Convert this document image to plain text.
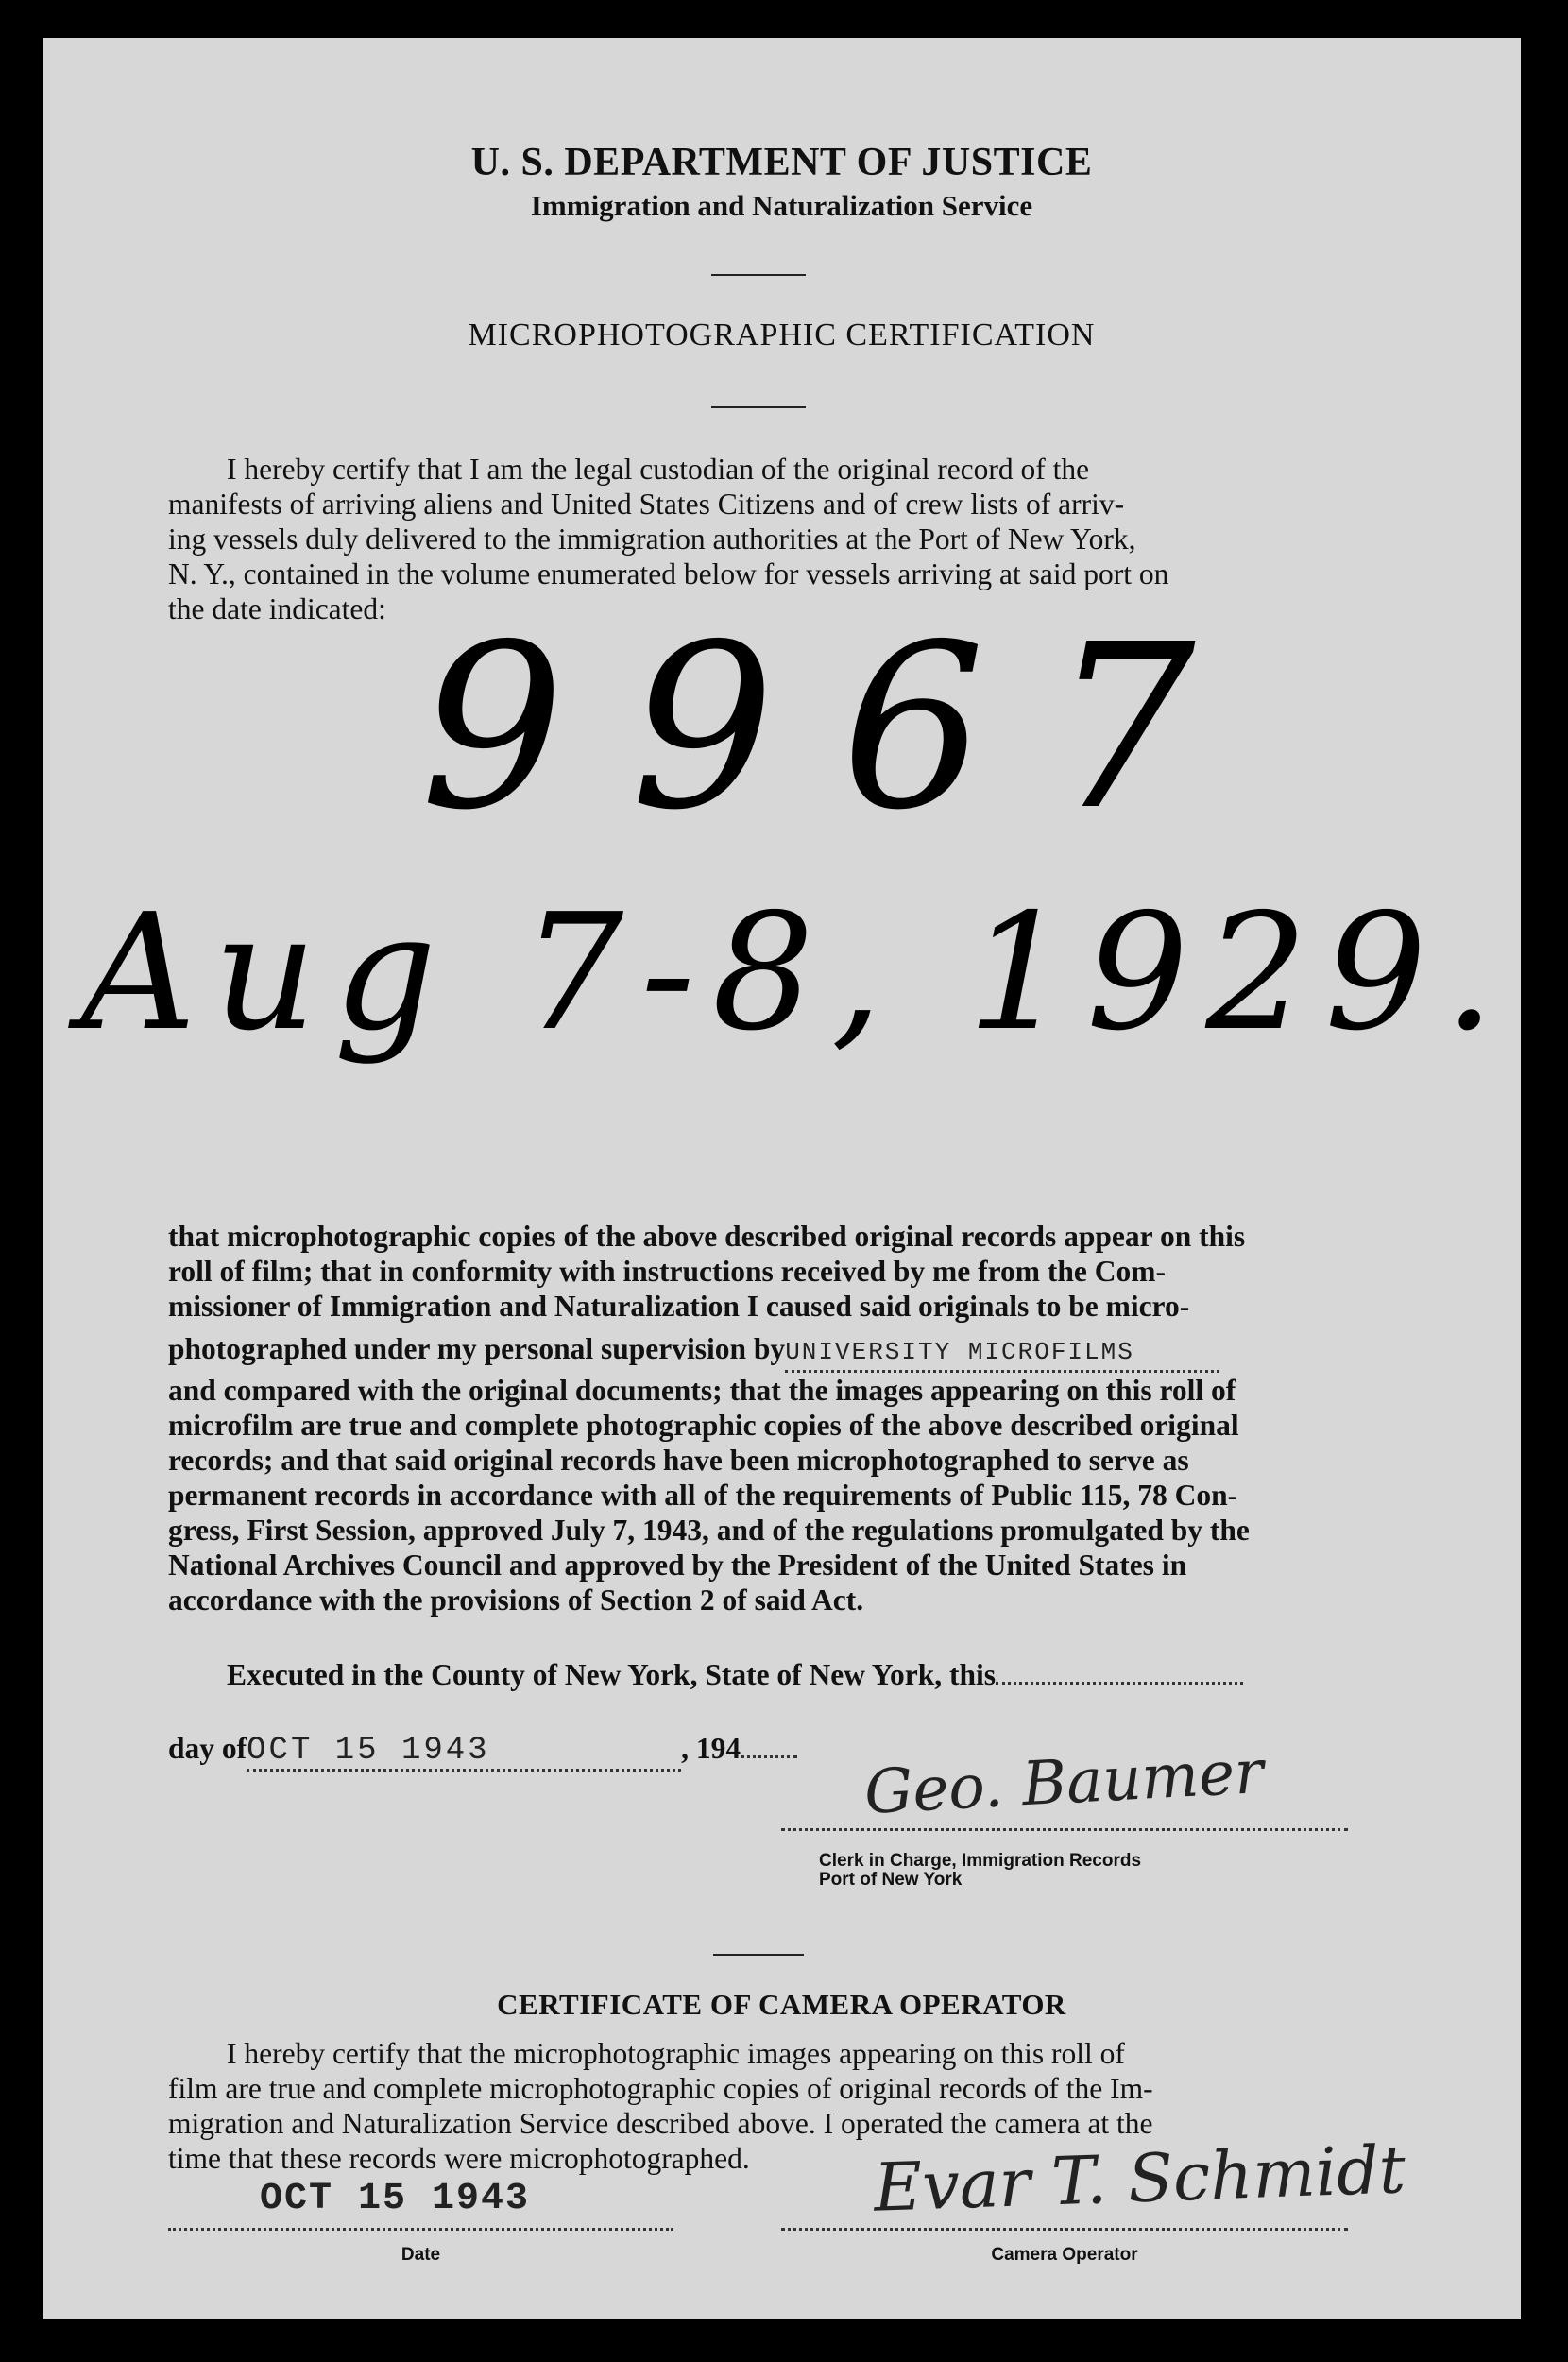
U. S. DEPARTMENT OF JUSTICE
Immigration and Naturalization Service
MICROPHOTOGRAPHIC CERTIFICATION

I hereby certify that I am the legal custodian of the original record of the

manifests of arriving aliens and United States Citizens and of crew lists of arriv-

ing vessels duly delivered to the immigration authorities at the Port of New York,

N. Y., contained in the volume enumerated below for vessels arriving at said port on

the date indicated: 9967
Aug 7-8, 1929.

that microphotographic copies of the above described original records appear on this

roll of film; that in conformity with instructions received by me from the Com-

missioner of Immigration and Naturalization I caused said originals to be micro-

photographed under my personal supervision byUNIVERSITY MICROFILMS

and compared with the original documents; that the images appearing on this roll of

microfilm are true and complete photographic copies of the above described original

records; and that said original records have been microphotographed to serve as

permanent records in accordance with all of the requirements of Public 115, 78 Con-

gress, First Session, approved July 7, 1943, and of the regulations promulgated by the

National Archives Council and approved by the President of the United States in

accordance with the provisions of Section 2 of said Act.

Executed in the County of New York, State of New York, this
day ofOCT 15 1943	, 194	Geo. Baumer
Clerk in Charge, Immigration Records
Port of New York
CERTIFICATE OF CAMERA OPERATOR

I hereby certify that the microphotographic images appearing on this roll of

film are true and complete microphotographic copies of original records of the Im-

migration and Naturalization Service described above. I operated the camera at the

time that these records were microphotographed.

OCT 15 1943
Date
Evar T. Schmidt
Camera Operator
